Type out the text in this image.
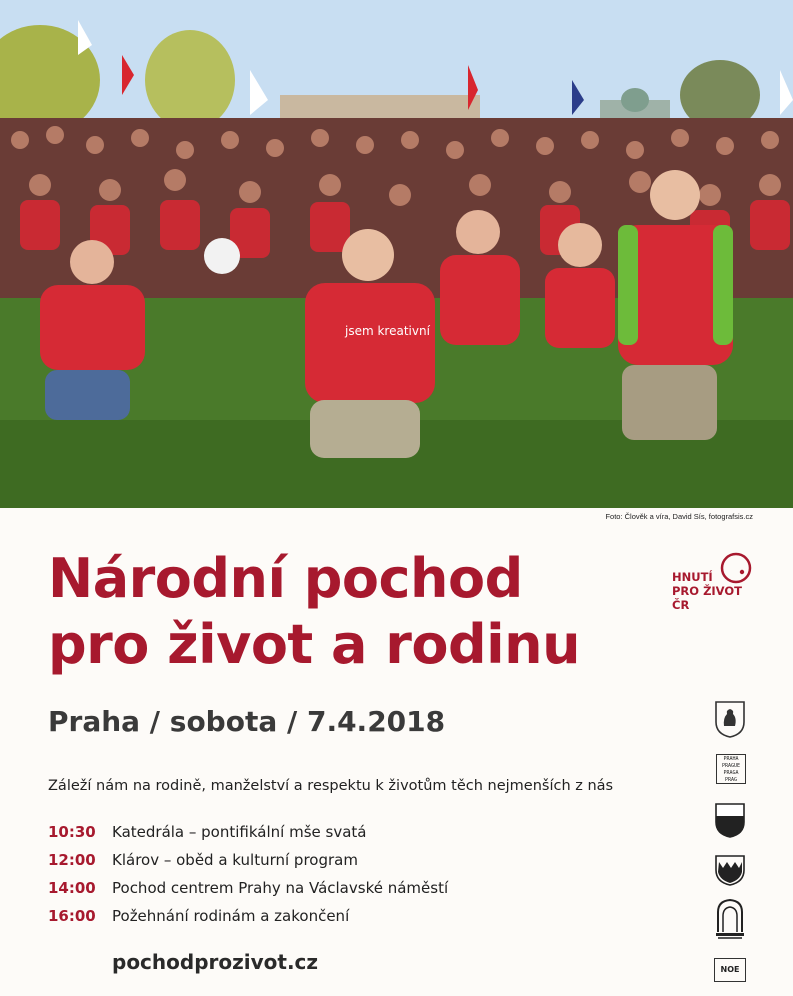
jsem kreativní
Foto: Člověk a víra, David Sís, fotografsis.cz
Národní pochod
pro život a rodinu
Praha / sobota / 7.4.2018
Záleží nám na rodině, manželství a respektu k životům těch nejmenších z nás
10:30	Katedrála – pontifikální mše svatá
12:00	Klárov – oběd a kulturní program
14:00	Pochod centrem Prahy na Václavské náměstí
16:00	Požehnání rodinám a zakončení
pochodprozivot.cz
HNUTÍ
PRO ŽIVOT
ČR
PRAHA
PRAGUE
PRAGA
PRAG
NOE
